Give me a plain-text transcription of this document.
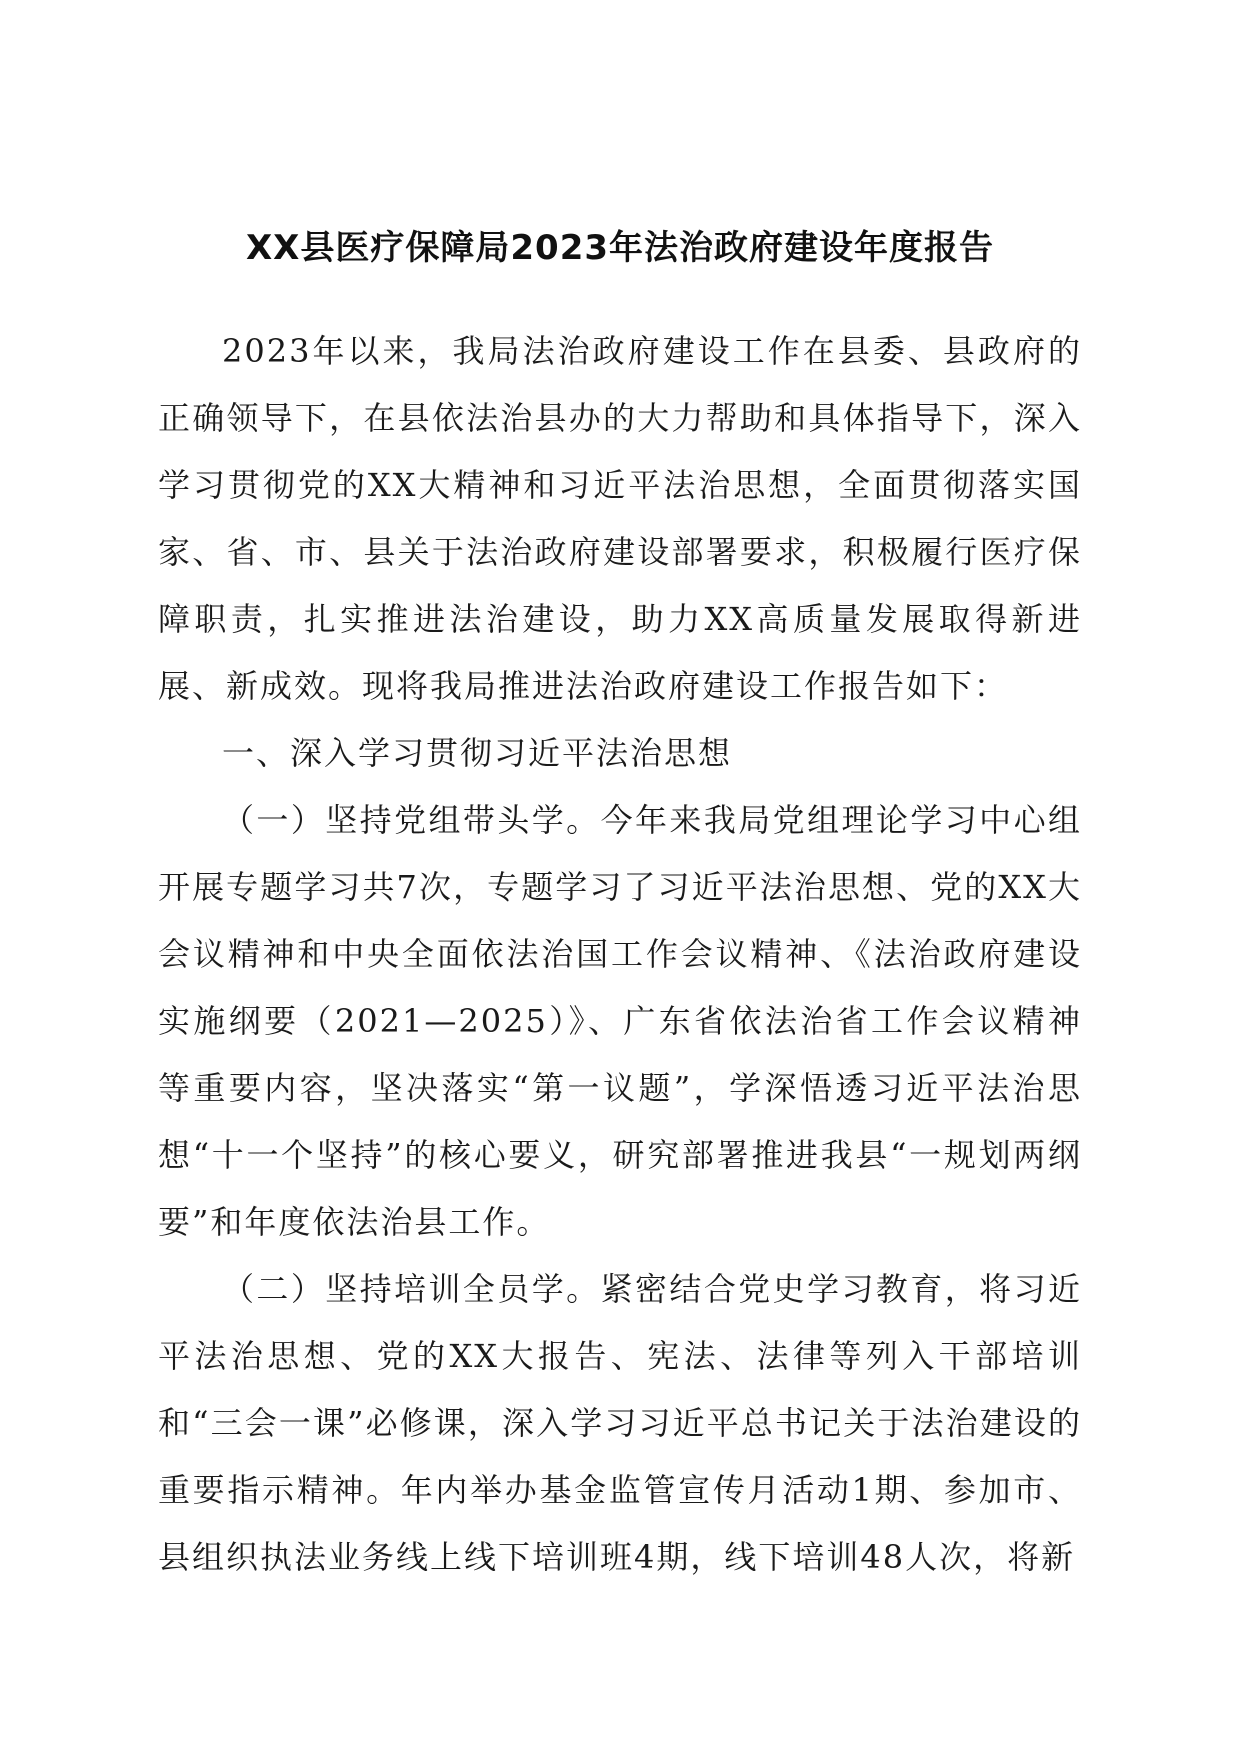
XX县医疗保障局2023年法治政府建设年度报告

2023年以来，我局法治政府建设工作在县委、县政府的正确领导下，在县依法治县办的大力帮助和具体指导下，深入学习贯彻党的XX大精神和习近平法治思想，全面贯彻落实国家、省、市、县关于法治政府建设部署要求，积极履行医疗保障职责，扎实推进法治建设，助力XX高质量发展取得新进展、新成效。现将我局推进法治政府建设工作报告如下：

一、深入学习贯彻习近平法治思想

（一）坚持党组带头学。今年来我局党组理论学习中心组开展专题学习共7次，专题学习了习近平法治思想、党的XX大会议精神和中央全面依法治国工作会议精神、《法治政府建设实施纲要（2021—2025）》、广东省依法治省工作会议精神等重要内容，坚决落实“第一议题”，学深悟透习近平法治思想“十一个坚持”的核心要义，研究部署推进我县“一规划两纲要”和年度依法治县工作。

（二）坚持培训全员学。紧密结合党史学习教育，将习近平法治思想、党的XX大报告、宪法、法律等列入干部培训和“三会一课”必修课，深入学习习近平总书记关于法治建设的重要指示精神。年内举办基金监管宣传月活动1期、参加市、县组织执法业务线上线下培训班4期，线下培训48人次，将新
